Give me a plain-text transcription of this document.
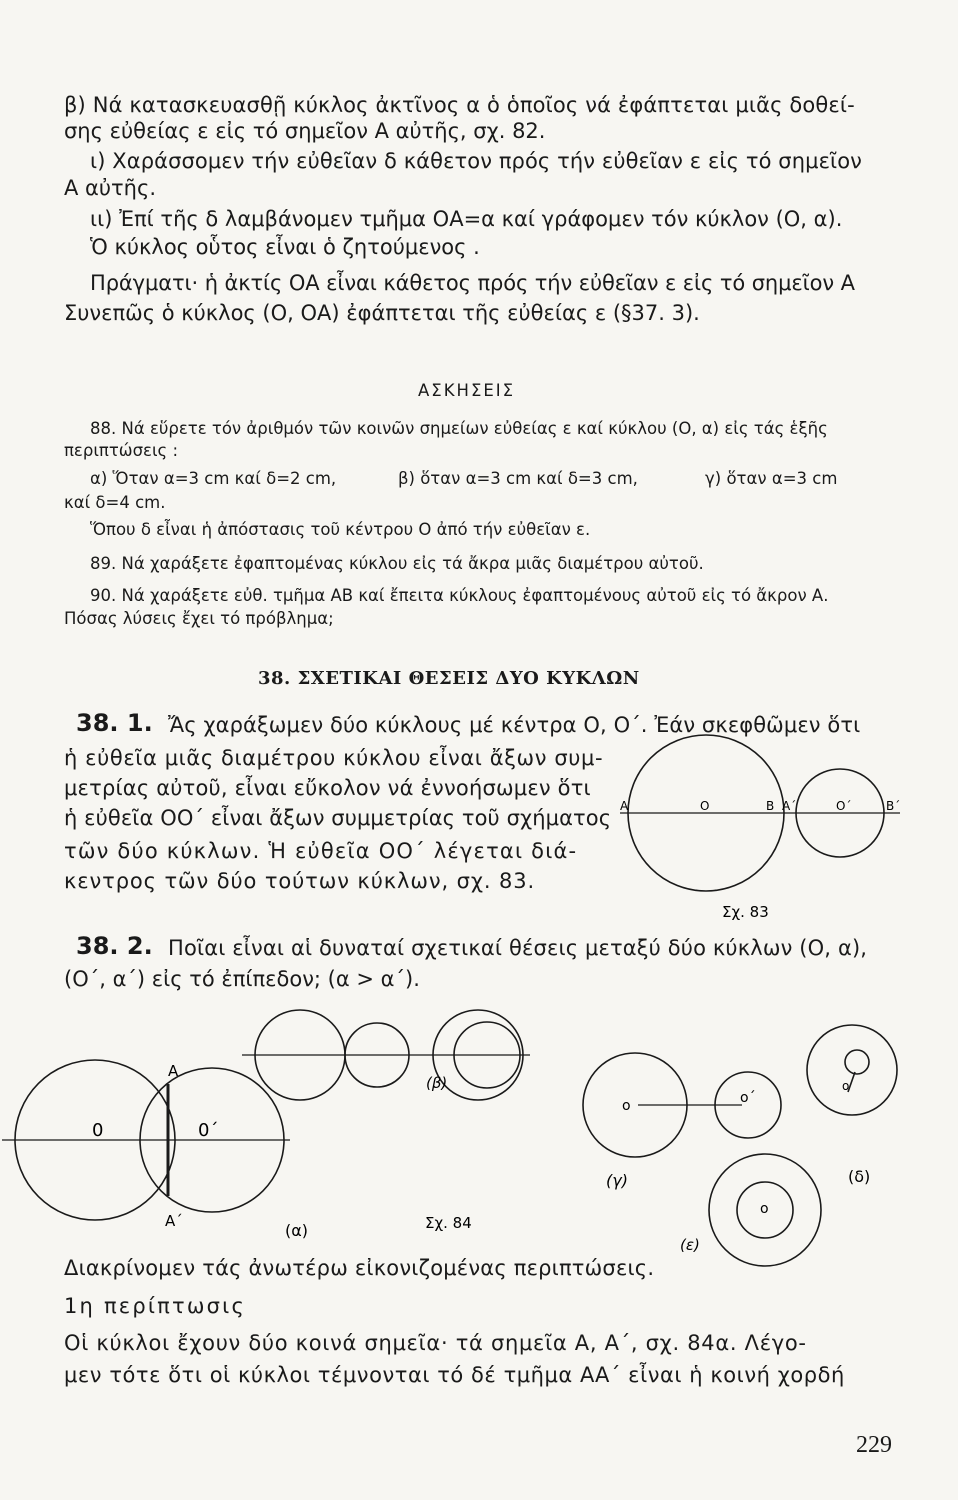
β) Νά κατασκευασθῇ κύκλος ἀκτῖνος α ὁ ὁποῖος νά ἐφάπτεται μιᾶς δοθεί-
σης εὐθείας ε εἰς τό σημεῖον Α αὐτῆς, σχ. 82.
ι) Χαράσσομεν τήν εὐθεῖαν δ κάθετον πρός τήν εὐθεῖαν ε εἰς τό σημεῖον
Α αὐτῆς.
ιι) Ἐπί τῆς δ λαμβάνομεν τμῆμα ΟΑ=α καί γράφομεν τόν κύκλον (Ο, α).
Ὁ κύκλος οὗτος εἶναι ὁ ζητούμενος .
Πράγματι· ἡ ἀκτίς ΟΑ εἶναι κάθετος πρός τήν εὐθεῖαν ε εἰς τό σημεῖον Α
Συνεπῶς ὁ κύκλος (Ο, ΟΑ) ἐφάπτεται τῆς εὐθείας ε (§37. 3).
ΑΣΚΗΣΕΙΣ
88. Νά εὕρετε τόν ἀριθμόν τῶν κοινῶν σημείων εὐθείας ε καί κύκλου (Ο, α) εἰς τάς ἑξῆς
περιπτώσεις :
α) Ὅταν α=3 cm καί δ=2 cm,	β) ὅταν α=3 cm καί δ=3 cm,	γ) ὅταν α=3 cm
καί δ=4 cm.
Ὅπου δ εἶναι ἡ ἀπόστασις τοῦ κέντρου Ο ἀπό τήν εὐθεῖαν ε.
89. Νά χαράξετε ἐφαπτομένας κύκλου εἰς τά ἄκρα μιᾶς διαμέτρου αὐτοῦ.
90. Νά χαράξετε εὐθ. τμῆμα ΑΒ καί ἔπειτα κύκλους ἐφαπτομένους αὐτοῦ εἰς τό ἄκρον Α.
Πόσας λύσεις ἔχει τό πρόβλημα;
38. ΣΧΕΤΙΚΑΙ ΘΕΣΕΙΣ ΔΥΟ ΚΥΚΛΩΝ
38. 1. Ἄς χαράξωμεν δύο κύκλους μέ κέντρα Ο, Ο΄. Ἐάν σκεφθῶμεν ὅτι
ἡ εὐθεῖα μιᾶς διαμέτρου κύκλου εἶναι ἄξων συμ-
μετρίας αὐτοῦ, εἶναι εὔκολον νά ἐννοήσωμεν ὅτι
ἡ εὐθεῖα ΟΟ΄ εἶναι ἄξων συμμετρίας τοῦ σχήματος
τῶν δύο κύκλων. Ἡ εὐθεῖα ΟΟ΄ λέγεται διά-
κεντρος τῶν δύο τούτων κύκλων, σχ. 83.
Α	Ο	Β Α΄	Ο΄	Β΄
Σχ. 83
38. 2. Ποῖαι εἶναι αἱ δυναταί σχετικαί θέσεις μεταξύ δύο κύκλων (Ο, α),
(Ο΄, α΄) εἰς τό ἐπίπεδον; (α > α΄).
Α
Α΄
0	0΄
(α)
(β)
ο	ο΄
(γ)
ο
(δ)
ο
(ε)
Σχ. 84
Διακρίνομεν τάς ἀνωτέρω εἰκονιζομένας περιπτώσεις.
1η περίπτωσις
Οἱ κύκλοι ἔχουν δύο κοινά σημεῖα· τά σημεῖα Α, Α΄, σχ. 84α. Λέγο-
μεν τότε ὅτι οἱ κύκλοι τέμνονται τό δέ τμῆμα ΑΑ΄ εἶναι ἡ κοινή χορδή
229
